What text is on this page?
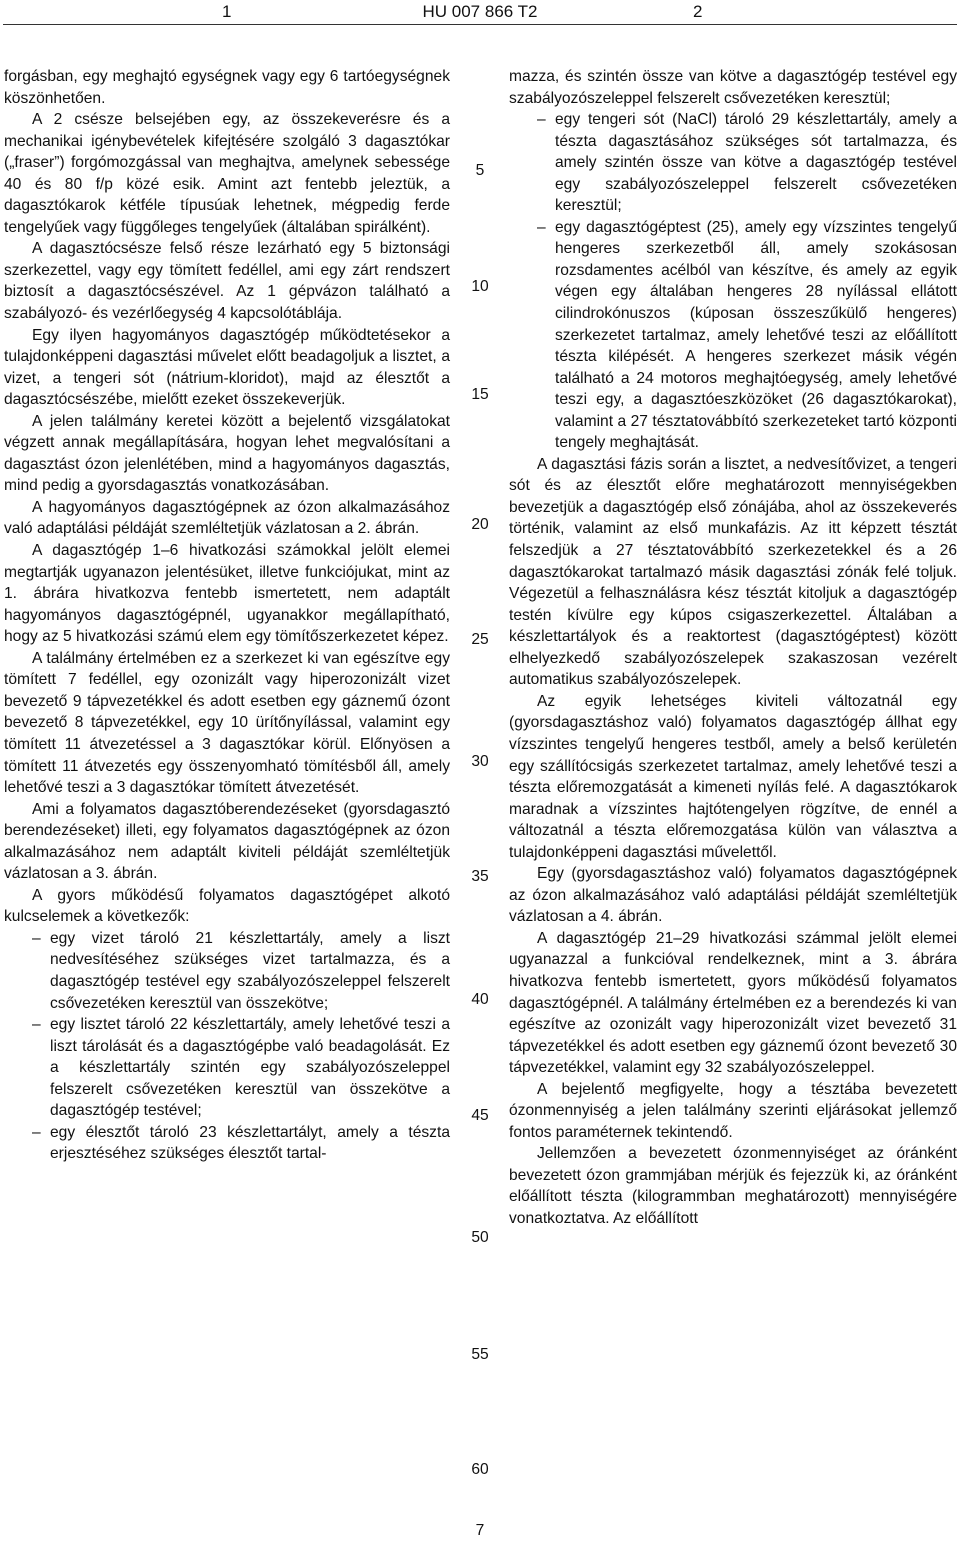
1	HU 007 866 T2	2

forgásban, egy meghajtó egységnek vagy egy 6 tartóegységnek köszönhetően.

A 2 csésze belsejében egy, az összekeverésre és a mechanikai igénybevételek kifejtésére szolgáló 3 dagasztókar („fraser”) forgómozgással van meghajtva, amelynek sebessége 40 és 80 f/p közé esik. Amint azt fentebb jeleztük, a dagasztókarok kétféle típusúak lehetnek, mégpedig ferde tengelyűek vagy függőleges tengelyűek (általában spirálként).

A dagasztócsésze felső része lezárható egy 5 biztonsági szerkezettel, vagy egy tömített fedéllel, ami egy zárt rendszert biztosít a dagasztócsészével. Az 1 gépvázon található a szabályozó- és vezérlőegység 4 kapcsolótáblája.

Egy ilyen hagyományos dagasztógép működtetésekor a tulajdonképpeni dagasztási művelet előtt beadagoljuk a lisztet, a vizet, a tengeri sót (nátrium-kloridot), majd az élesztőt a dagasztócsészébe, mielőtt ezeket összekeverjük.

A jelen találmány keretei között a bejelentő vizsgálatokat végzett annak megállapítására, hogyan lehet megvalósítani a dagasztást ózon jelenlétében, mind a hagyományos dagasztás, mind pedig a gyorsdagasztás vonatkozásában.

A hagyományos dagasztógépnek az ózon alkalmazásához való adaptálási példáját szemléltetjük vázlatosan a 2. ábrán.

A dagasztógép 1–6 hivatkozási számokkal jelölt elemei megtartják ugyanazon jelentésüket, illetve funkciójukat, mint az 1. ábrára hivatkozva fentebb ismertetett, nem adaptált hagyományos dagasztógépnél, ugyanakkor megállapítható, hogy az 5 hivatkozási számú elem egy tömítőszerkezetet képez.

A találmány értelmében ez a szerkezet ki van egészítve egy tömített 7 fedéllel, egy ozonizált vagy hiperozonizált vizet bevezető 9 tápvezetékkel és adott esetben egy gáznemű ózont bevezető 8 tápvezetékkel, egy 10 ürítőnyílással, valamint egy tömített 11 átvezetéssel a 3 dagasztókar körül. Előnyösen a tömített 11 átvezetés egy összenyomható tömítésből áll, amely lehetővé teszi a 3 dagasztókar tömített átvezetését.

Ami a folyamatos dagasztóberendezéseket (gyorsdagasztó berendezéseket) illeti, egy folyamatos dagasztógépnek az ózon alkalmazásához nem adaptált kiviteli példáját szemléltetjük vázlatosan a 3. ábrán.

A gyors működésű folyamatos dagasztógépet alkotó kulcselemek a következők:

– egy vizet tároló 21 készlettartály, amely a liszt nedvesítéséhez szükséges vizet tartalmazza, és a dagasztógép testével egy szabályozószeleppel felszerelt csővezetéken keresztül van összekötve;
– egy lisztet tároló 22 készlettartály, amely lehetővé teszi a liszt tárolását és a dagasztógépbe való beadagolását. Ez a készlettartály szintén egy szabályozószeleppel felszerelt csővezetéken keresztül van összekötve a dagasztógép testével;
– egy élesztőt tároló 23 készlettartályt, amely a tészta erjesztéséhez szükséges élesztőt tartal-
5
10
15
20
25
30
35
40
45
50
55
60

mazza, és szintén össze van kötve a dagasztógép testével egy szabályozószeleppel felszerelt csővezetéken keresztül;

– egy tengeri sót (NaCl) tároló 29 készlettartály, amely a tészta dagasztásához szükséges sót tartalmazza, és amely szintén össze van kötve a dagasztógép testével egy szabályozószeleppel felszerelt csővezetéken keresztül;
– egy dagasztógéptest (25), amely egy vízszintes tengelyű hengeres szerkezetből áll, amely szokásosan rozsdamentes acélból van készítve, és amely az egyik végen egy általában hengeres 28 nyílással ellátott cilindrokónuszos (kúposan összeszűkülő hengeres) szerkezetet tartalmaz, amely lehetővé teszi az előállított tészta kilépését. A hengeres szerkezet másik végén található a 24 motoros meghajtóegység, amely lehetővé teszi egy, a dagasztóeszközöket (26 dagasztókarokat), valamint a 27 tésztatovábbító szerkezeteket tartó központi tengely meghajtását.

A dagasztási fázis során a lisztet, a nedvesítővizet, a tengeri sót és az élesztőt előre meghatározott mennyiségekben bevezetjük a dagasztógép első zónájába, ahol az összekeverés történik, valamint az első munkafázis. Az itt képzett tésztát felszedjük a 27 tésztatovábbító szerkezetekkel és a 26 dagasztókarokat tartalmazó másik dagasztási zónák felé toljuk. Végezetül a felhasználásra kész tésztát kitoljuk a dagasztógép testén kívülre egy kúpos csigaszerkezettel. Általában a készlettartályok és a reaktortest (dagasztógéptest) között elhelyezkedő szabályozószelepek szakaszosan vezérelt automatikus szabályozószelepek.

Az egyik lehetséges kiviteli változatnál egy (gyorsdagasztáshoz való) folyamatos dagasztógép állhat egy vízszintes tengelyű hengeres testből, amely a belső kerületén egy szállítócsigás szerkezetet tartalmaz, amely lehetővé teszi a tészta előremozgatását a kimeneti nyílás felé. A dagasztókarok maradnak a vízszintes hajtótengelyen rögzítve, de ennél a változatnál a tészta előremozgatása külön van választva a tulajdonképpeni dagasztási művelettől.

Egy (gyorsdagasztáshoz való) folyamatos dagasztógépnek az ózon alkalmazásához való adaptálási példáját szemléltetjük vázlatosan a 4. ábrán.

A dagasztógép 21–29 hivatkozási számmal jelölt elemei ugyanazzal a funkcióval rendelkeznek, mint a 3. ábrára hivatkozva fentebb ismertetett, gyors működésű folyamatos dagasztógépnél. A találmány értelmében ez a berendezés ki van egészítve az ozonizált vagy hiperozonizált vizet bevezető 31 tápvezetékkel és adott esetben egy gáznemű ózont bevezető 30 tápvezetékkel, valamint egy 32 szabályozószeleppel.

A bejelentő megfigyelte, hogy a tésztába bevezetett ózonmennyiség a jelen találmány szerinti eljárásokat jellemző fontos paraméternek tekintendő.

Jellemzően a bevezetett ózonmennyiséget az óránként bevezetett ózon grammjában mérjük és fejezzük ki, az óránként előállított tészta (kilogrammban meghatározott) mennyiségére vonatkoztatva. Az előállított

7
